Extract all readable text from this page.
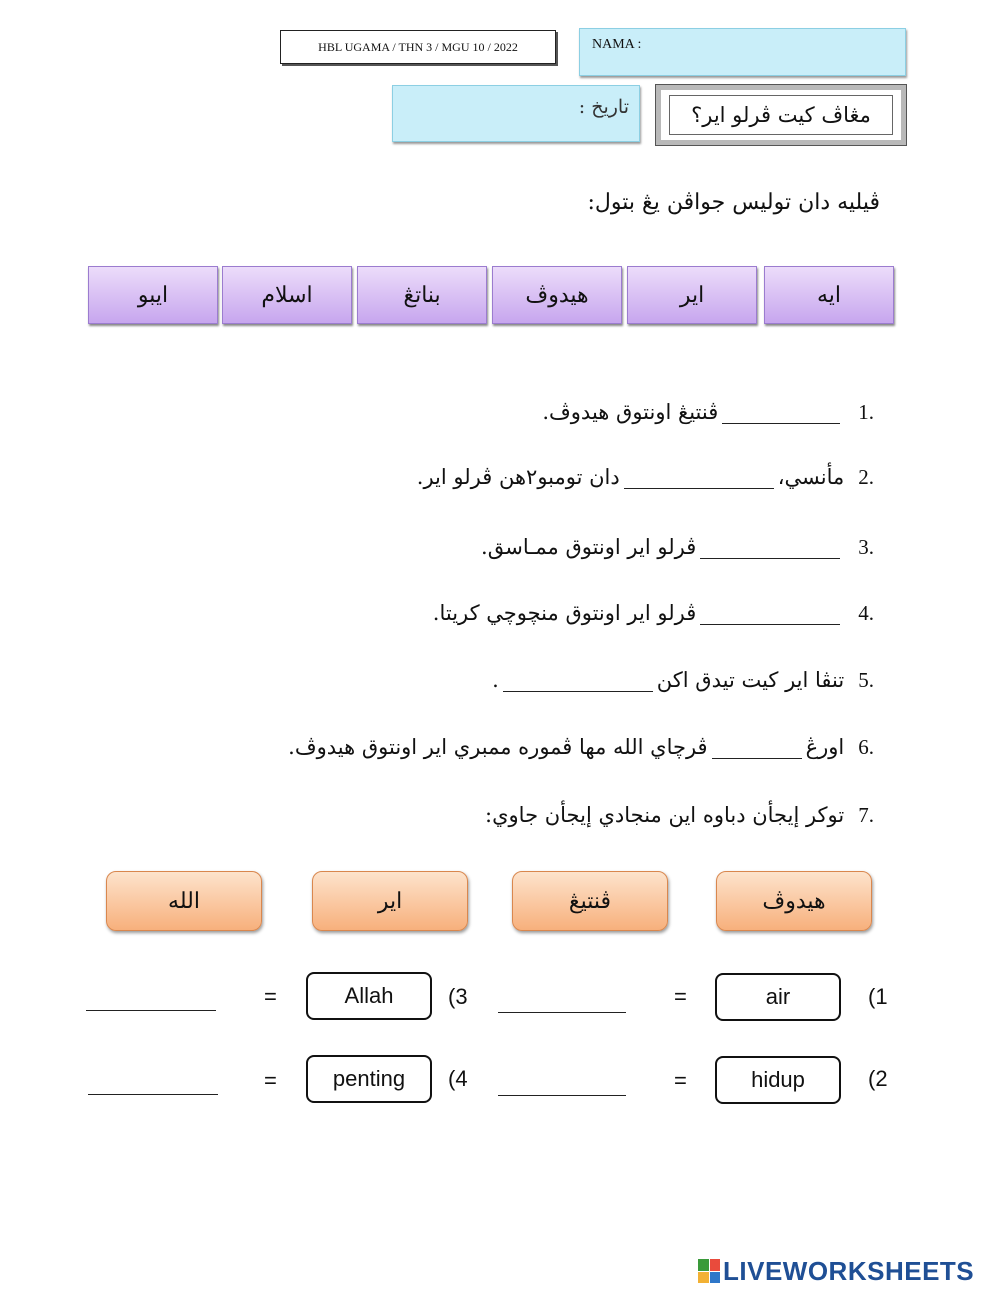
HBL UGAMA / THN 3 / MGU 10 / 2022	NAMA :
تاريخ :	مڠاڤ كيت ڤرلو اير؟
ڤيليه دان توليس جواڤن يڠ بتول:
ايه
اير
هيدوڤ
بناتڠ
اسلام
ايبو
1.
ڤنتيڠ اونتوق هيدوڤ.
2.
مأنسي،
دان تومبو٢هن ڤرلو اير.
3.
ڤرلو اير اونتوق ممـاسق.
4.
ڤرلو اير اونتوق منچوچي كريتا.
5.
تنڤا اير كيت تيدق اكن
.
6.
اورڠ
ڤرچاي الله مها ڤموره ممبري اير اونتوق هيدوڤ.
7.
توكر إيجأن دباوه اين منجادي إيجأن جاوي:
هيدوڤ
ڤنتيڠ
اير
الله
(1
air
=
(3
Allah
=
(2
hidup
=
(4
penting
=
LIVEWORKSHEETS
